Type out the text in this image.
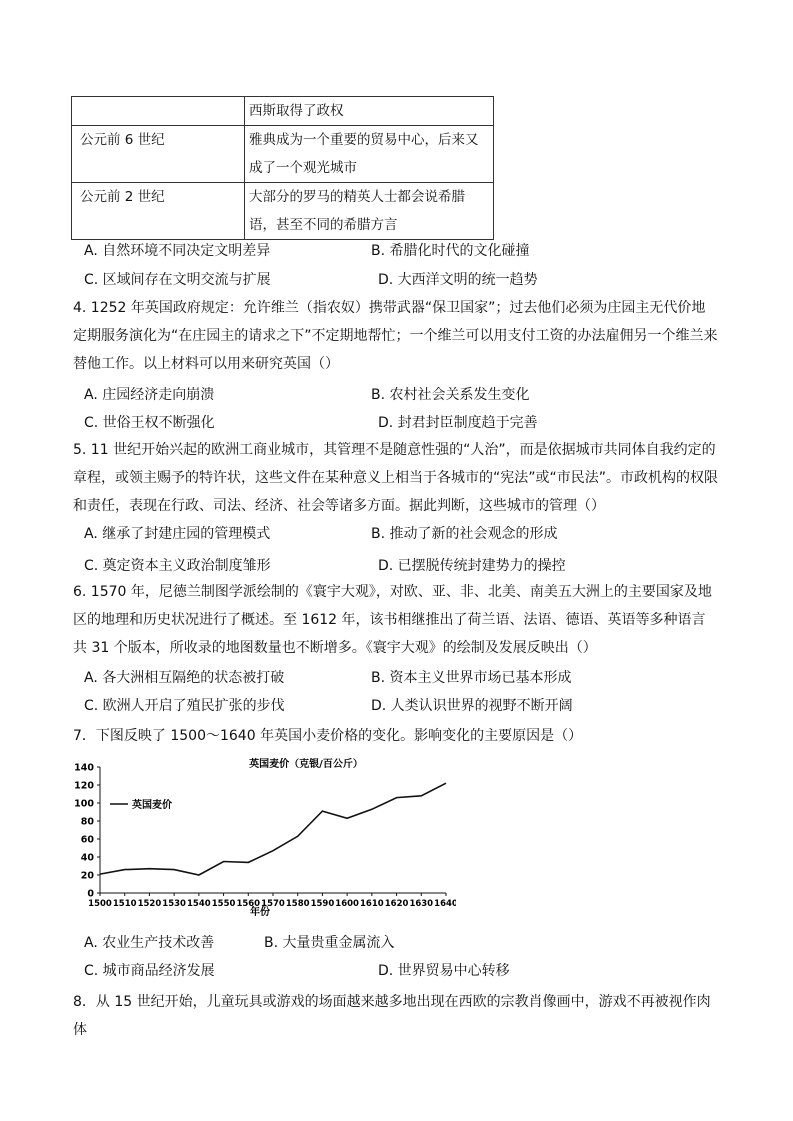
	西斯取得了政权
公元前 6 世纪	雅典成为一个重要的贸易中心，后来又成了一个观光城市
公元前 2 世纪	大部分的罗马的精英人士都会说希腊语，甚至不同的希腊方言
A. 自然环境不同决定文明差异	B. 希腊化时代的文化碰撞
C. 区域间存在文明交流与扩展	D. 大西洋文明的统一趋势
4. 1252 年英国政府规定：允许维兰（指农奴）携带武器“保卫国家”；过去他们必须为庄园主无代价地定期服务演化为“在庄园主的请求之下”不定期地帮忙；一个维兰可以用支付工资的办法雇佣另一个维兰来替他工作。以上材料可以用来研究英国（）
A. 庄园经济走向崩溃	B. 农村社会关系发生变化
C. 世俗王权不断强化	D. 封君封臣制度趋于完善
5. 11 世纪开始兴起的欧洲工商业城市，其管理不是随意性强的“人治”，而是依据城市共同体自我约定的章程，或领主赐予的特许状，这些文件在某种意义上相当于各城市的“宪法”或“市民法”。市政机构的权限和责任，表现在行政、司法、经济、社会等诸多方面。据此判断，这些城市的管理（）
A. 继承了封建庄园的管理模式	B. 推动了新的社会观念的形成
C. 奠定资本主义政治制度雏形	D. 已摆脱传统封建势力的操控
6. 1570 年，尼德兰制图学派绘制的《寰宇大观》，对欧、亚、非、北美、南美五大洲上的主要国家及地区的地理和历史状况进行了概述。至 1612 年，该书相继推出了荷兰语、法语、德语、英语等多种语言共 31 个版本，所收录的地图数量也不断增多。《寰宇大观》的绘制及发展反映出（）
A. 各大洲相互隔绝的状态被打破	B. 资本主义世界市场已基本形成
C. 欧洲人开启了殖民扩张的步伐	D. 人类认识世界的视野不断开阔
7．下图反映了 1500～1640 年英国小麦价格的变化。影响变化的主要原因是（）
英国麦价（克银/百公斤）
0
20
40
60
80
100
120
140
1500 1510 1520 1530 1540 1550 1560 1570 1580 1590 1600 1610 1620 1630 1640
英国麦价
年份
A. 农业生产技术改善	B. 大量贵重金属流入
C. 城市商品经济发展	D. 世界贸易中心转移
8．从 15 世纪开始，儿童玩具或游戏的场面越来越多地出现在西欧的宗教肖像画中，游戏不再被视作肉体
